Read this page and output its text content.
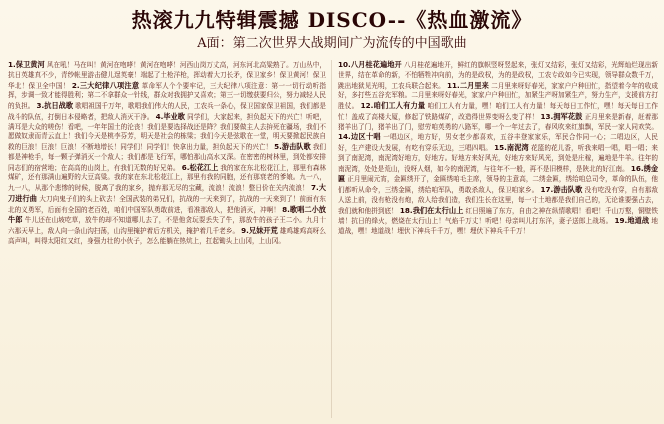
热滚九九特辑震撼 DISCO--《热血激流》
A面：第二次世界大战期间广为流传的中国歌曲
1.保卫黄河 风在吼！马在叫！黄河在咆哮！黄河在咆哮！河西山岗万丈高，河东河北高粱熟了。万山丛中，抗日英雄真不少，青纱帐里游击健儿逞英豪！端起了土枪洋枪，挥动着大刀长矛，保卫家乡！保卫黄河！保卫华北！保卫全中国！ 2.三大纪律八项注意 革命军人个个要牢记，三大纪律八项注意：第一一切行动听指挥，步调一致才能得胜利；第二不拿群众一针线，群众对我拥护又喜欢；第三一切缴获要归公，努力减轻人民的负担。 3.抗日战歌 歌唱祖国千万年，歌唱我们伟大的人民，工农兵一条心，保卫国家保卫祖国，我们都是战斗的队伍，打倒日本侵略者，把敌人消灭干净。 4.毕业歌 同学们，大家起来，担负起天下的兴亡！听吧，满耳是大众的嗟伤！看吧，一年年国土的沦丧！我们是要选择战还是降？我们要做主人去拚死在疆场，我们不愿做奴隶而青云直上！我们今天是桃李芬芳，明天是社会的栋梁；我们今天是弦歌在一堂，明天要掀起民族自救的巨浪！巨浪！巨浪！不断地增长！同学们！同学们！快拿出力量，担负起天下的兴亡！ 5.游击队歌 我们都是神枪手，每一颗子弹消灭一个敌人；我们都是飞行军，哪怕那山高水又深。在密密的树林里，到处都安排同志们的宿营地；在高高的山岗上，有我们无数的好兄弟。 6.松花江上 我的家在东北松花江上，那里有森林煤矿，还有那满山遍野的大豆高粱。我的家在东北松花江上，那里有我的同胞，还有那衰老的爹娘。九一八，九一八，从那个悲惨的时候，脱离了我的家乡，抛弃那无尽的宝藏，流浪！流浪！整日价在关内流浪！ 7.大刀进行曲 大刀向鬼子们的头上砍去！全国武装的弟兄们，抗战的一天来到了，抗战的一天来到了！前面有东北的义勇军，后面有全国的老百姓，咱们中国军队勇敢前进，看准那敌人，把他消灭，冲啊！ 8.歌唱二小放牛郎 牛儿还在山坡吃草，放牛的却不知道哪儿去了，不是他贪玩耍丢失了牛，那放牛的孩子王二小。九月十六那天早上，敌人向一条山沟扫荡，山沟里掩护着后方机关，掩护着几千老乡。 9.兄妹开荒 雄鸡雄鸡高呀么高声叫，叫得太阳红又红，身强力壮的小伙子，怎么能躺在热炕上，扛起锄头上山冈，上山冈。
10.八月桂花遍地开 八月桂花遍地开，鲜红的旗帜竖呀竖起来，张灯又结彩，张灯又结彩，光辉灿烂现出新世界，结在革命的新，不怕牺牲冲向前，为的是政权，为的是政权，工农专政如今已实现，领导群众数千万，跳出地狱见光明，工农兵联合起来。 11.二月里来 二月里来呀好春光，家家户户种田忙，指望着今年的收成好，多打些五谷充军粮。二月里来呀好春光，家家户户种田忙，加紧生产呀加紧生产，努力生产，支援前方打胜仗。 12.咱们工人有力量 咱们工人有力量，嘿！咱们工人有力量！每天每日工作忙，嘿！每天每日工作忙！盖成了高楼大厦，修起了铁路煤矿，改造得世界变呀么变了样！ 13.拥军花鼓 正月里来是新春，赶着那猪羊出了门，猪羊出了门，慰劳咱英勇的八路军，哪一个一年过去了，春风吹来红旗飘，军民一家人同欢笑。 14.边区十唱 一唱边区，地方好，男女老少都喜欢，五谷丰登家家乐，军民合作同一心；二唱边区，人民好，生产建设大发展，有吃有穿乐无边，三唱四唱。 15.南泥湾 花篮的花儿香，听我来唱一唱，唱一唱；来到了南泥湾，南泥湾好地方，好地方。好地方来好风光，好地方来好风光，到处是庄稼，遍地是牛羊。往年的南泥湾，处处是荒山，没呀人烟，如今的南泥湾，与往年不一般，再不是旧模样，是陕北的好江南。 16.绣金匾 正月里闹元宵，金匾绣开了，金匾绣咱毛主席，领导的主意高，二绣金匾，绣给咱总司令，革命的队伍，他们都听从命令，三绣金匾，绣给咱军队，勇敢杀敌人，保卫咱家乡。 17.游击队歌 没有吃没有穿，自有那敌人送上前，没有枪没有炮，敌人给我们造，我们生长在这里，每一寸土地都是我们自己的，无论谁要强占去，我们就和他拼到底！ 18.我们在太行山上 红日照遍了东方，自由之神在纵情歌唱！看吧！千山万壑，铜壁铁墙！抗日的烽火，燃烧在太行山上！气焰千万丈！听吧！母亲叫儿打东洋，妻子送郎上战场。 19.地道战 地道战，嘿！地道战！埋伏下神兵千千万，嘿！埋伏下神兵千千万！
